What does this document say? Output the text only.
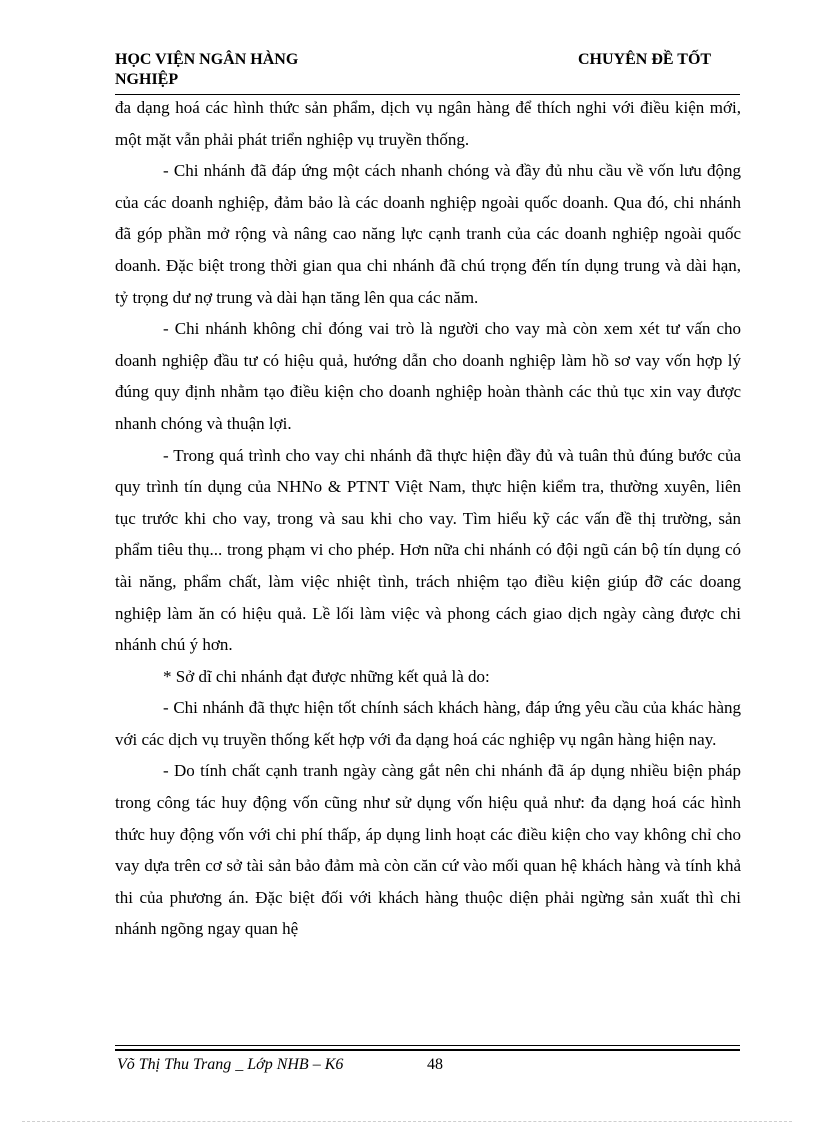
HỌC VIỆN NGÂN HÀNG
NGHIỆP
CHUYÊN ĐỀ TỐT

đa dạng hoá các hình thức sản phẩm, dịch vụ ngân hàng để thích nghi với điều kiện mới, một mặt vẫn phải phát triển nghiệp vụ truyền thống.

- Chi nhánh đã đáp ứng một cách nhanh chóng và đầy đủ nhu cầu về vốn lưu động của các doanh nghiệp, đảm bảo là các doanh nghiệp ngoài quốc doanh. Qua đó, chi nhánh đã góp phần mở rộng và nâng cao năng lực cạnh tranh của các doanh nghiệp ngoài quốc doanh. Đặc biệt trong thời gian qua chi nhánh đã chú trọng đến tín dụng trung và dài hạn, tỷ trọng dư nợ trung và dài hạn tăng lên qua các năm.

- Chi nhánh không chỉ đóng vai trò là người cho vay mà còn xem xét tư vấn cho doanh nghiệp đầu tư có hiệu quả, hướng dẫn cho doanh nghiệp làm hồ sơ vay vốn hợp lý đúng quy định nhằm tạo điều kiện cho doanh nghiệp hoàn thành các thủ tục xin vay được nhanh chóng và thuận lợi.

- Trong quá trình cho vay chi nhánh đã thực hiện đầy đủ và tuân thủ đúng bước của quy trình tín dụng của NHNo & PTNT Việt Nam, thực hiện kiểm tra, thường xuyên, liên tục trước khi cho vay, trong và sau khi cho vay. Tìm hiểu kỹ các vấn đề thị trường, sản phẩm tiêu thụ... trong phạm vi cho phép. Hơn nữa chi nhánh có đội ngũ cán bộ tín dụng có tài năng, phẩm chất, làm việc nhiệt tình, trách nhiệm tạo điều kiện giúp đỡ các doang nghiệp làm ăn có hiệu quả. Lề lối làm việc và phong cách giao dịch ngày càng được chi nhánh chú ý hơn.

* Sở dĩ chi nhánh đạt được những kết quả là do:

- Chi nhánh đã thực hiện tốt chính sách khách hàng, đáp ứng yêu cầu của khác hàng với các dịch vụ truyền thống kết hợp với đa dạng hoá các nghiệp vụ ngân hàng hiện nay.

- Do tính chất cạnh tranh ngày càng gắt nên chi nhánh đã áp dụng nhiều biện pháp trong công tác huy động vốn cũng như sử dụng vốn hiệu quả như: đa dạng hoá các hình thức huy động vốn với chi phí thấp, áp dụng linh hoạt các điều kiện cho vay không chỉ cho vay dựa trên cơ sở tài sản bảo đảm mà còn căn cứ vào mối quan hệ khách hàng và tính khả thi của phương án. Đặc biệt đối với khách hàng thuộc diện phải ngừng sản xuất thì chi nhánh ngõng ngay quan hệ

Võ Thị Thu Trang _ Lớp NHB – K6	48
